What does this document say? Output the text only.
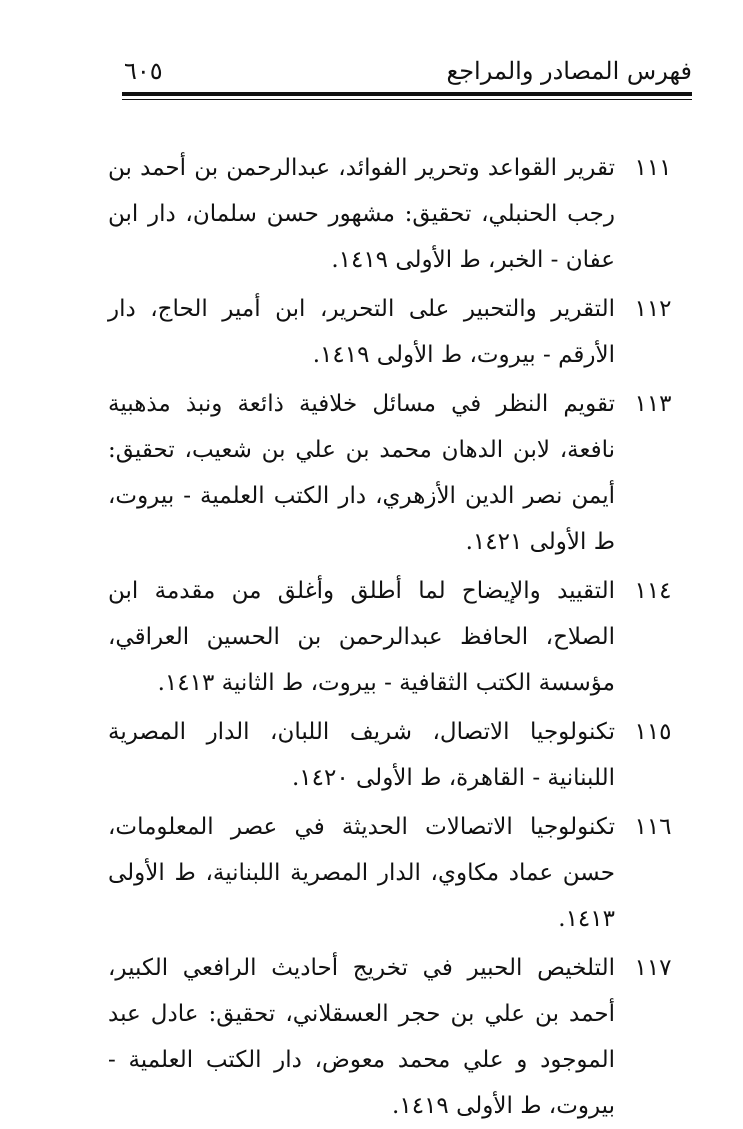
فهرس المصادر والمراجع
٦٠٥
١١١
تقرير القواعد وتحرير الفوائد، عبدالرحمن بن أحمد بن رجب الحنبلي، تحقيق: مشهور حسن سلمان، دار ابن عفان - الخبر، ط الأولى ١٤١٩.
١١٢
التقرير والتحبير على التحرير، ابن أمير الحاج، دار الأرقم - بيروت، ط الأولى ١٤١٩.
١١٣
تقويم النظر في مسائل خلافية ذائعة ونبذ مذهبية نافعة، لابن الدهان محمد بن علي بن شعيب، تحقيق: أيمن نصر الدين الأزهري، دار الكتب العلمية - بيروت، ط الأولى ١٤٢١.
١١٤
التقييد والإيضاح لما أطلق وأغلق من مقدمة ابن الصلاح، الحافظ عبدالرحمن بن الحسين العراقي، مؤسسة الكتب الثقافية - بيروت، ط الثانية ١٤١٣.
١١٥
تكنولوجيا الاتصال، شريف اللبان، الدار المصرية اللبنانية - القاهرة، ط الأولى ١٤٢٠.
١١٦
تكنولوجيا الاتصالات الحديثة في عصر المعلومات، حسن عماد مكاوي، الدار المصرية اللبنانية، ط الأولى ١٤١٣.
١١٧
التلخيص الحبير في تخريج أحاديث الرافعي الكبير، أحمد بن علي بن حجر العسقلاني، تحقيق: عادل عبد الموجود و علي محمد معوض، دار الكتب العلمية - بيروت، ط الأولى ١٤١٩.
